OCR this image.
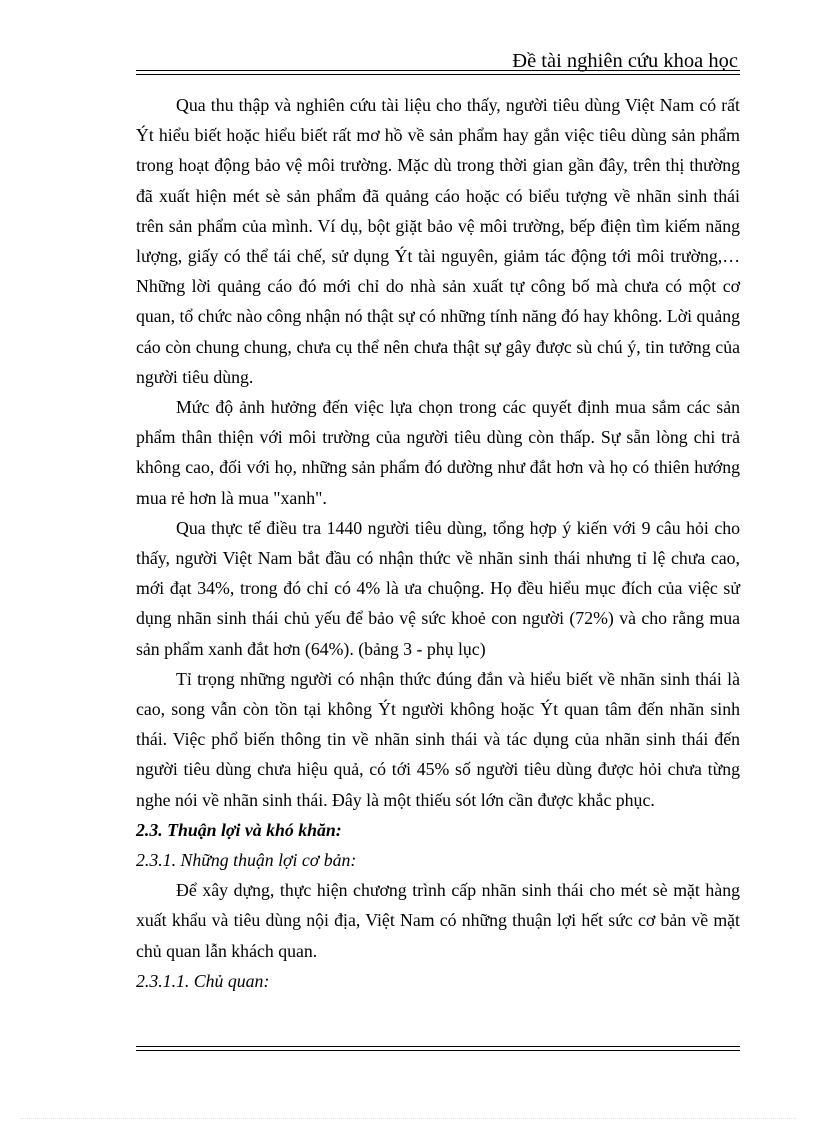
Đề tài nghiên cứu khoa học

Qua thu thập và nghiên cứu tài liệu cho thấy, người tiêu dùng Việt Nam có rất Ýt hiểu biết hoặc hiểu biết rất mơ hồ về sản phẩm hay gắn việc tiêu dùng sản phẩm trong hoạt động bảo vệ môi trường. Mặc dù trong thời gian gần đây, trên thị thường đã xuất hiện mét sè sản phẩm đã quảng cáo hoặc có biểu tượng về nhãn sinh thái trên sản phẩm của mình. Ví dụ, bột giặt bảo vệ môi trường, bếp điện tìm kiếm năng lượng, giấy có thể tái chế, sử dụng Ýt tài nguyên, giảm tác động tới môi trường,… Những lời quảng cáo đó mới chỉ do nhà sản xuất tự công bố mà chưa có một cơ quan, tổ chức nào công nhận nó thật sự có những tính năng đó hay không. Lời quảng cáo còn chung chung, chưa cụ thể nên chưa thật sự gây được sù chú ý, tin tưởng của người tiêu dùng.

Mức độ ảnh hưởng đến việc lựa chọn trong các quyết định mua sắm các sản phẩm thân thiện với môi trường của người tiêu dùng còn thấp. Sự sẵn lòng chi trả không cao, đối với họ, những sản phẩm đó dường như đắt hơn và họ có thiên hướng mua rẻ hơn là mua "xanh".

Qua thực tế điều tra 1440 người tiêu dùng, tổng hợp ý kiến với 9 câu hỏi cho thấy, người Việt Nam bắt đầu có nhận thức về nhãn sinh thái nhưng tỉ lệ chưa cao, mới đạt 34%, trong đó chỉ có 4% là ưa chuộng. Họ đều hiểu mục đích của việc sử dụng nhãn sinh thái chủ yếu để bảo vệ sức khoẻ con người (72%) và cho rằng mua sản phẩm xanh đắt hơn (64%). (bảng 3 - phụ lục)

Tỉ trọng những người có nhận thức đúng đắn và hiểu biết về nhãn sinh thái là cao, song vẫn còn tồn tại không Ýt người không hoặc Ýt quan tâm đến nhãn sinh thái. Việc phổ biến thông tin về nhãn sinh thái và tác dụng của nhãn sinh thái đến người tiêu dùng chưa hiệu quả, có tới 45% số người tiêu dùng được hỏi chưa từng nghe nói về nhãn sinh thái. Đây là một thiếu sót lớn cần được khắc phục.

2.3. Thuận lợi và khó khăn:

2.3.1. Những thuận lợi cơ bản:

Để xây dựng, thực hiện chương trình cấp nhãn sinh thái cho mét sè mặt hàng xuất khẩu và tiêu dùng nội địa, Việt Nam có những thuận lợi hết sức cơ bản về mặt chủ quan lẫn khách quan.

2.3.1.1. Chủ quan:
